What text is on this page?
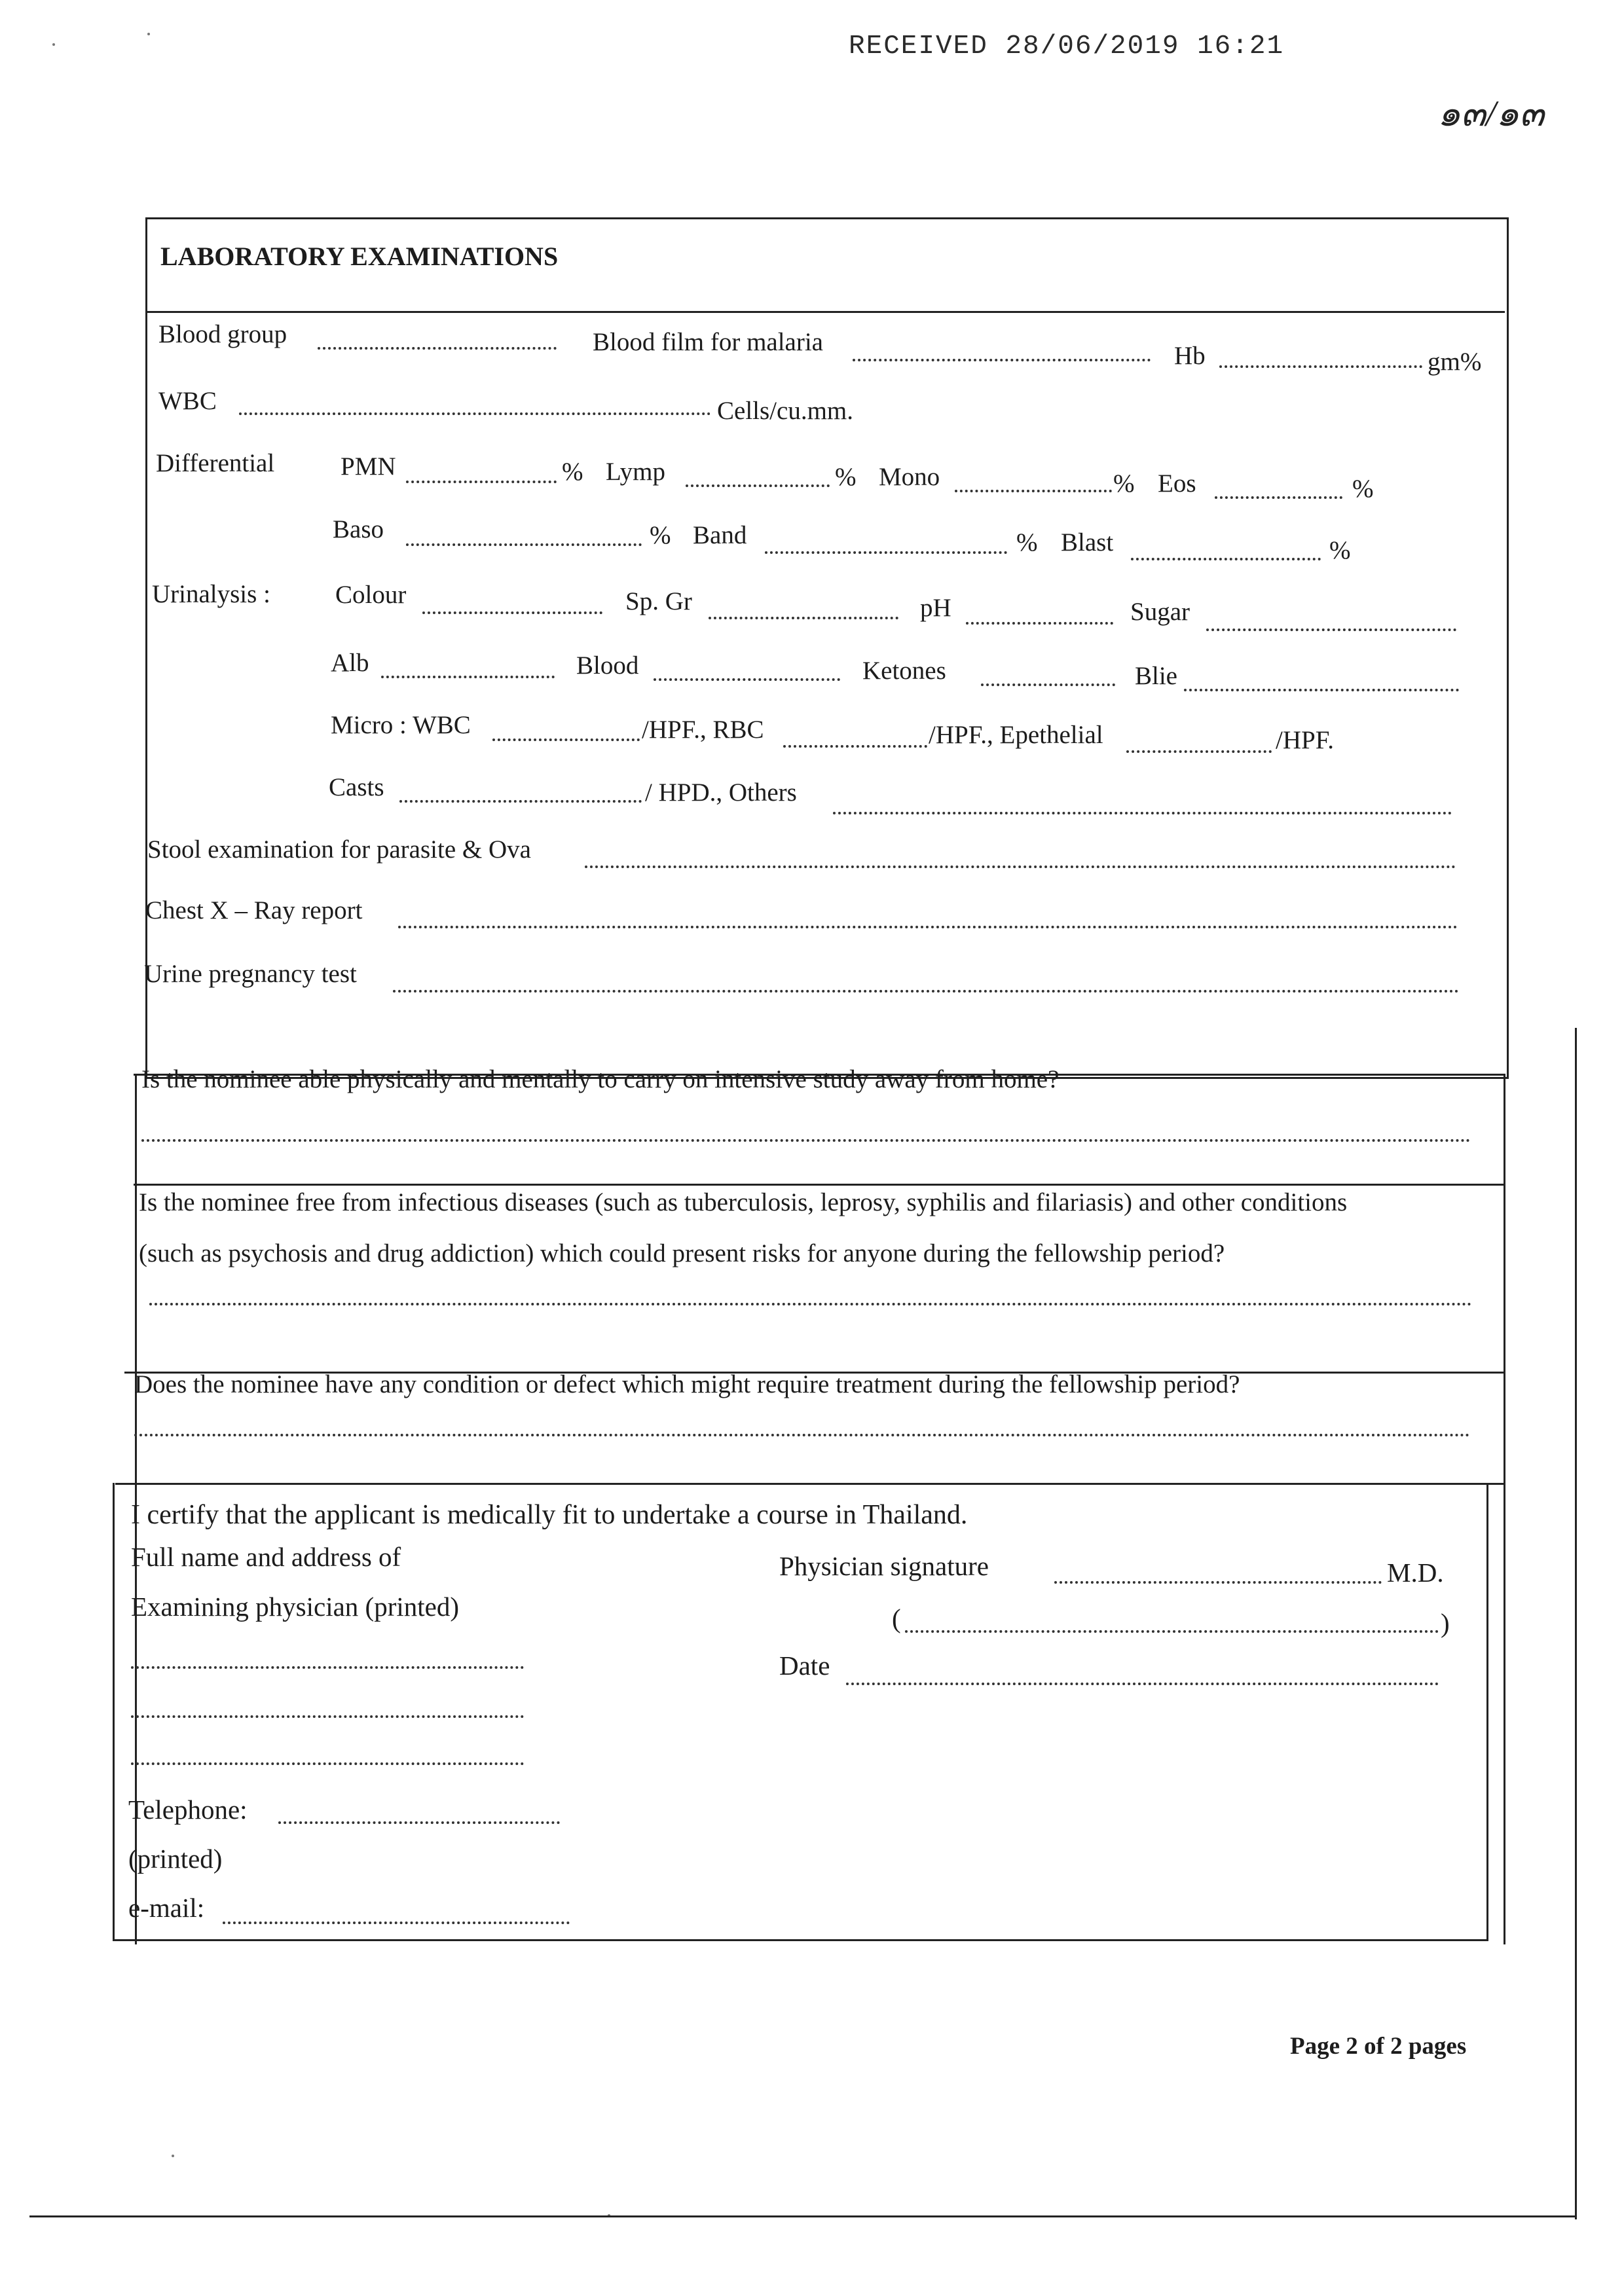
RECEIVED 28/06/2019 16:21
๑๓/๑๓
LABORATORY EXAMINATIONS
Blood group	Blood film for malaria	Hb	gm%
WBC	Cells/cu.mm.
Differential	PMN	% Lymp	% Mono	% Eos	%
Baso	% Band	% Blast	%
Urinalysis :	Colour	Sp. Gr	pH	Sugar
Alb	Blood	Ketones	Blie
Micro : WBC	/HPF., RBC	/HPF., Epethelial	/HPF.
Casts	/ HPD., Others
Stool examination for parasite & Ova
Chest X – Ray report
Urine pregnancy test
Is the nominee able physically and mentally to carry on intensive study away from home?
Is the nominee free from infectious diseases (such as tuberculosis, leprosy, syphilis and filariasis) and other conditions
(such as psychosis and drug addiction) which could present risks for anyone during the fellowship period?
Does the nominee have any condition or defect which might require treatment during the fellowship period?
I certify that the applicant is medically fit to undertake a course in Thailand.
Full name and address of
Examining physician (printed)
Physician signature	M.D.
(	)
Date
Telephone:
(printed)
e-mail:
Page 2 of 2 pages
